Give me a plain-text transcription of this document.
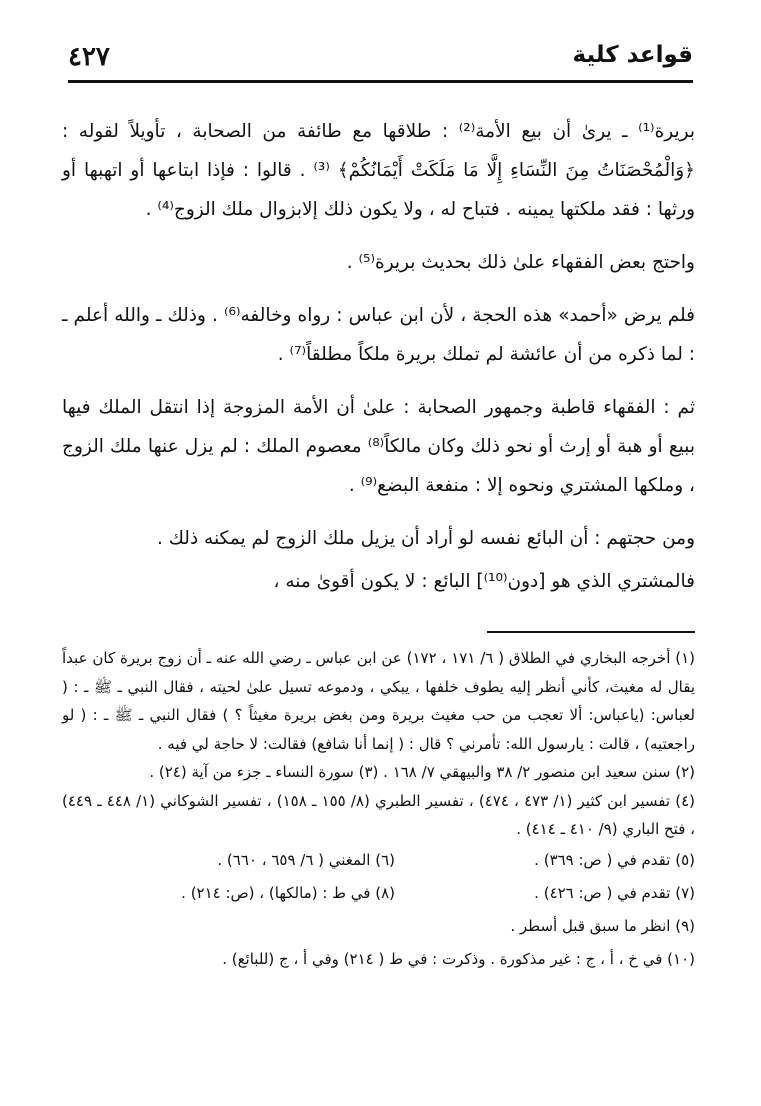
٤٢٧	قواعد كلية

بريرة⁽¹⁾ ـ يرىٰ أن بيع الأمة⁽²⁾ : طلاقها مع طائفة من الصحابة ، تأويلاً لقوله : ﴿وَالْمُحْصَنَاتُ مِنَ النِّسَاءِ إِلَّا مَا مَلَكَتْ أَيْمَانُكُمْ﴾ ⁽³⁾ . قالوا : فإذا ابتاعها أو اتهبها أو ورثها : فقد ملكتها يمينه . فتباح له ، ولا يكون ذلك إلابزوال ملك الزوج⁽⁴⁾ .

واحتج بعض الفقهاء علىٰ ذلك بحديث بريرة⁽⁵⁾ .

فلم يرض «أحمد» هذه الحجة ، لأن ابن عباس : رواه وخالفه⁽⁶⁾ . وذلك ـ والله أعلم ـ : لما ذكره من أن عائشة لم تملك بريرة ملكاً مطلقاً⁽⁷⁾ .

ثم : الفقهاء قاطبة وجمهور الصحابة : علىٰ أن الأمة المزوجة إذا انتقل الملك فيها ببيع أو هبة أو إرث أو نحو ذلك وكان مالكاً⁽⁸⁾ معصوم الملك : لم يزل عنها ملك الزوج ، وملكها المشتري ونحوه إلا : منفعة البضع⁽⁹⁾ .

ومن حجتهم : أن البائع نفسه لو أراد أن يزيل ملك الزوج لم يمكنه ذلك .

فالمشتري الذي هو [دون⁽¹⁰⁾] البائع : لا يكون أقوىٰ منه ،

(١) أخرجه البخاري في الطلاق ( ٦/ ١٧١ ، ١٧٢) عن ابن عباس ـ رضي الله عنه ـ أن زوج بريرة كان عبداً يقال له مغيث، كأني أنظر إليه يطوف خلفها ، يبكي ، ودموعه تسيل علىٰ لحيته ، فقال النبي ـ ﷺ ـ : ( لعباس: (ياعباس: ألا تعجب من حب مغيث بريرة ومن بغض بريرة مغيثاً ؟ ) فقال النبي ـ ﷺ ـ : ( لو راجعتيه) ، قالت : يارسول الله: تأمرني ؟ قال : ( إنما أنا شافع) فقالت: لا حاجة لي فيه .

(٢) سنن سعيد ابن منصور ٢/ ٣٨ والبيهقي ٧/ ١٦٨ . (٣) سورة النساء ـ جزء من آية (٢٤) .

(٤) تفسير ابن كثير (١/ ٤٧٣ ، ٤٧٤) ، تفسير الطبري (٨/ ١٥٥ ـ ١٥٨) ، تفسير الشوكاني (١/ ٤٤٨ ـ ٤٤٩) ، فتح الباري (٩/ ٤١٠ ـ ٤١٤) .

(٥) تقدم في ( ص: ٣٦٩) .
(٦) المغني ( ٦/ ٦٥٩ ، ٦٦٠) .
(٧) تقدم في ( ص: ٤٢٦) .
(٨) في ط : (مالكها) ، (ص: ٢١٤) .

(٩) انظر ما سبق قبل أسطر .

(١٠) في خ ، أ ، ج : غير مذكورة . وذكرت : في ط ( ٢١٤) وفي أ ، ج (للبائع) .
